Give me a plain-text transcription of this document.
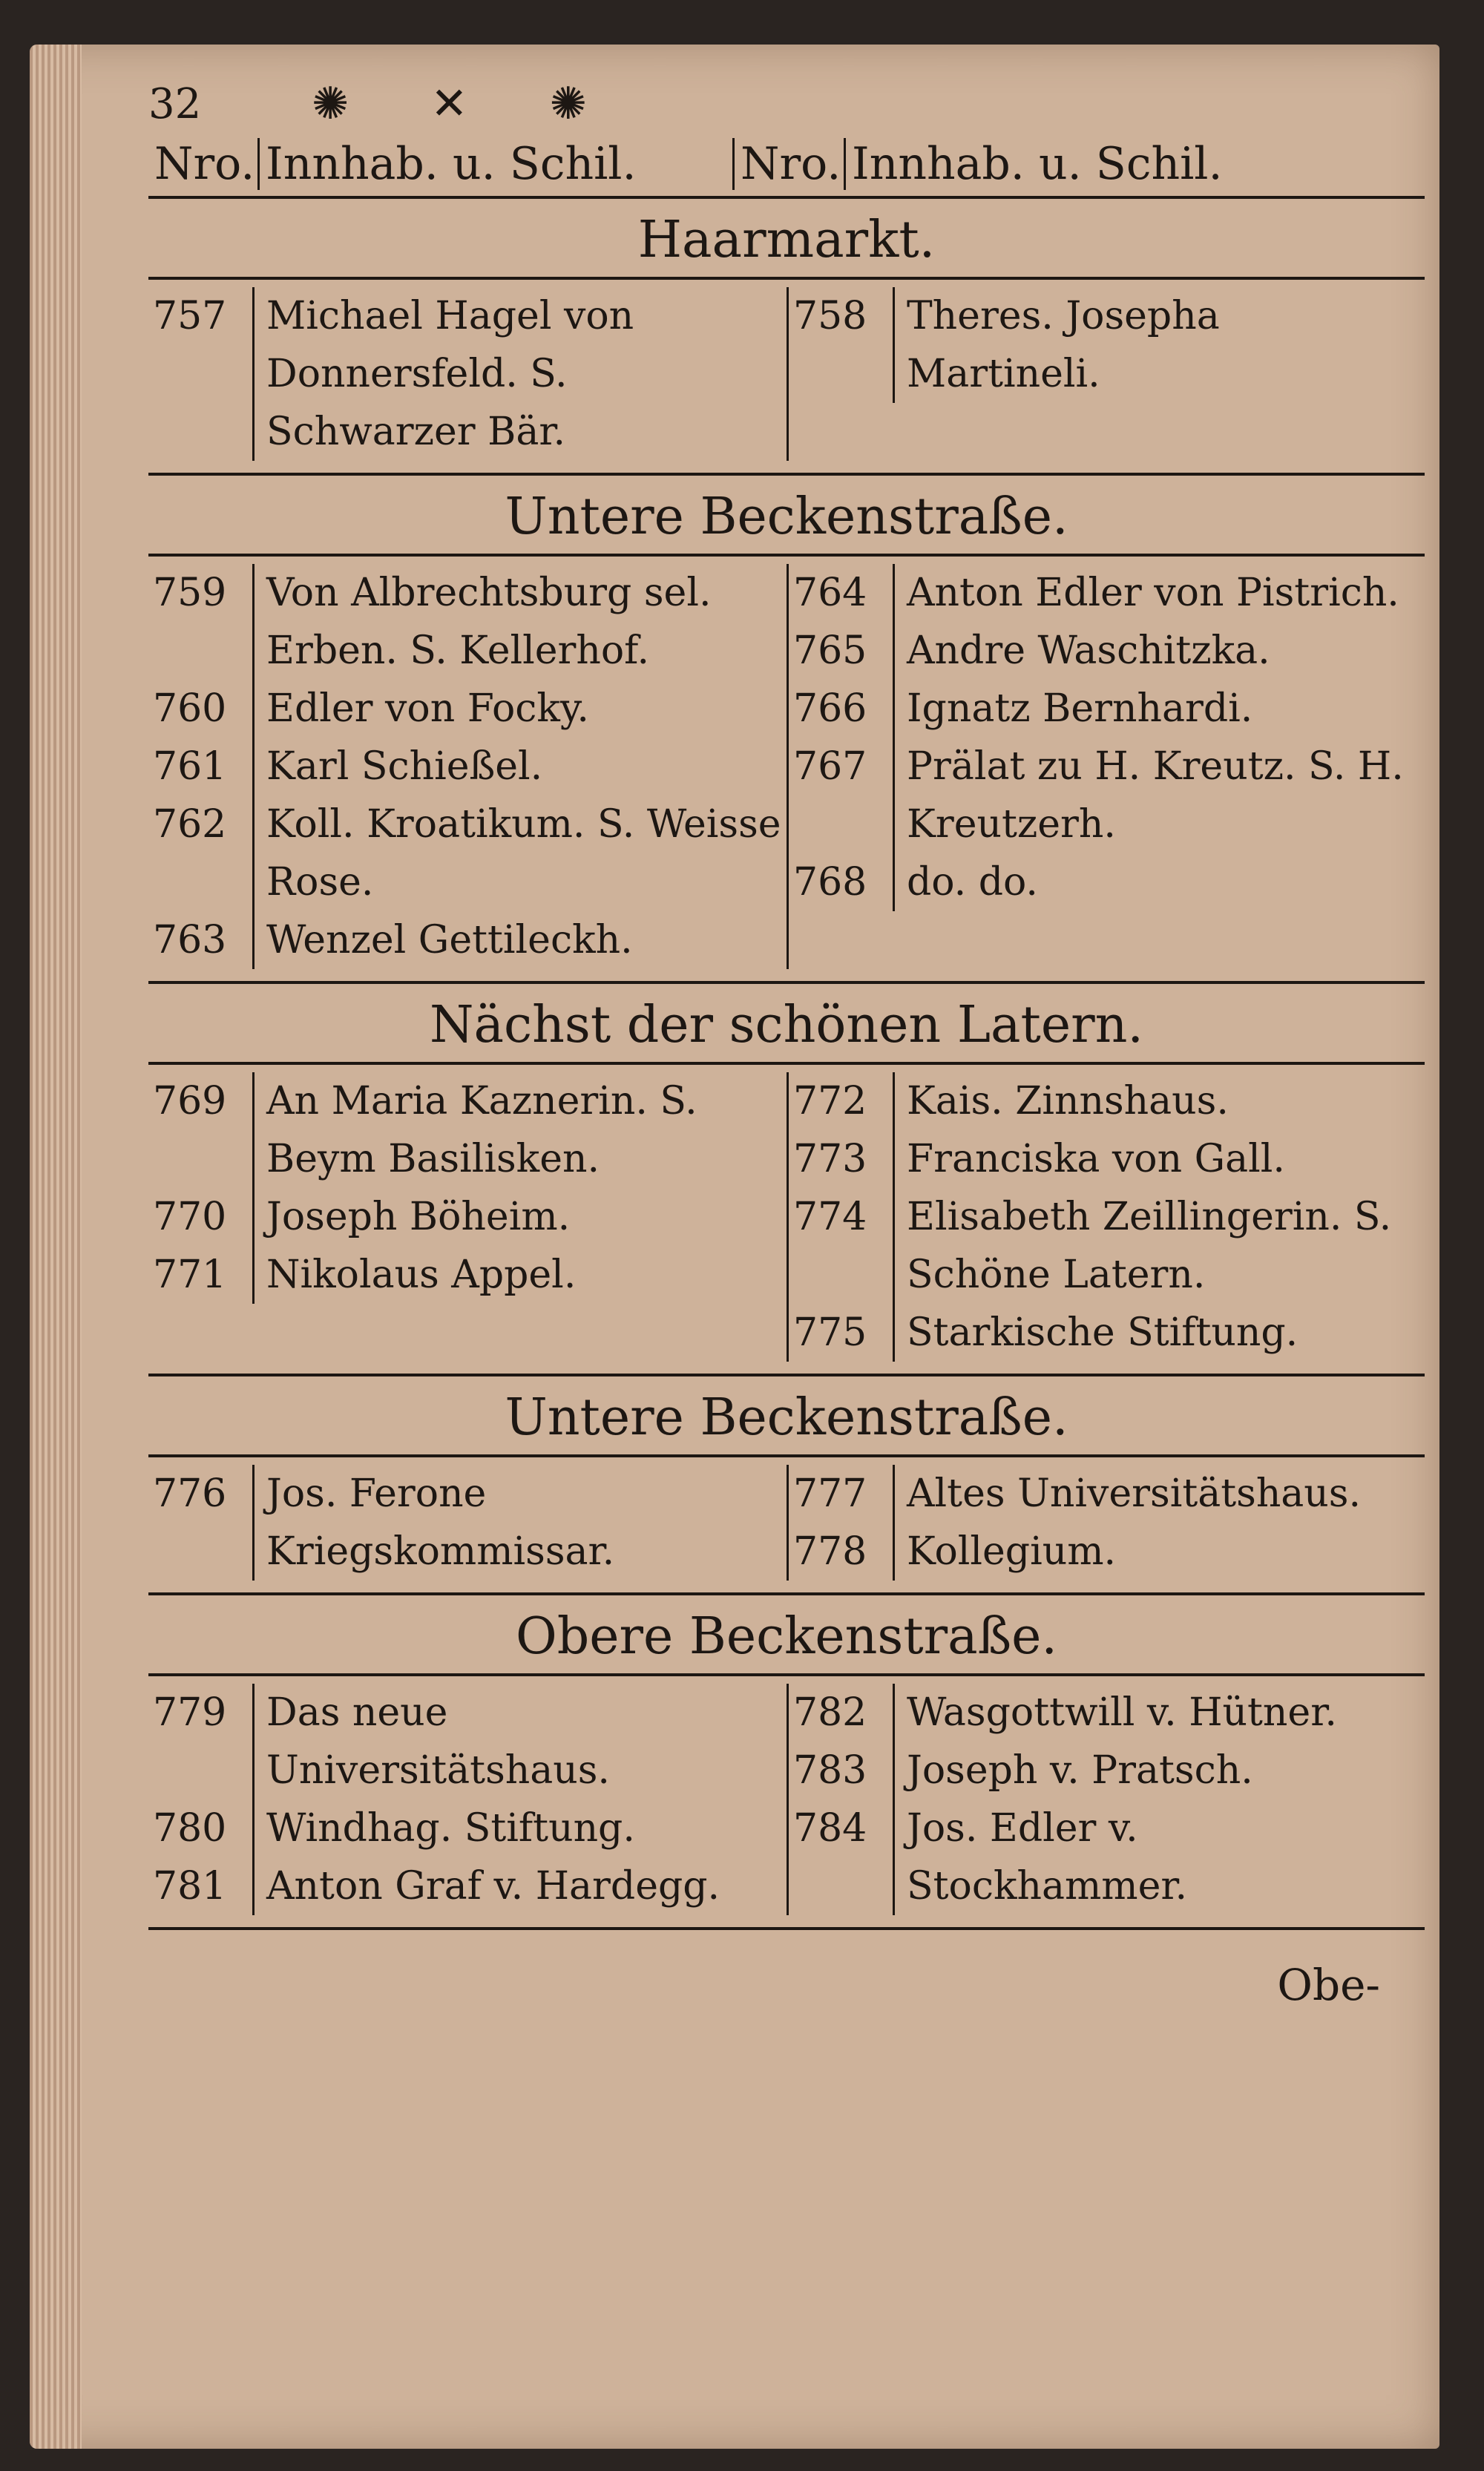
32	✺ ✕ ✺
Nro. Innhab. u. Schil.	Nro. Innhab. u. Schil.
Haarmarkt.
757	Michael Hagel von Donnersfeld. S. Schwarzer Bär.
758	Theres. Josepha Martineli.
Untere Beckenstraße.
759	Von Albrechtsburg sel. Erben. S. Kellerhof.
760	Edler von Focky.
761	Karl Schießel.
762	Koll. Kroatikum. S. Weisse Rose.
763	Wenzel Gettileckh.
764	Anton Edler von Pistrich.
765	Andre Waschitzka.
766	Ignatz Bernhardi.
767	Prälat zu H. Kreutz. S. H. Kreutzerh.
768	do. do.
Nächst der schönen Latern.
769	An Maria Kaznerin. S. Beym Basilisken.
770	Joseph Böheim.
771	Nikolaus Appel.
772	Kais. Zinnshaus.
773	Franciska von Gall.
774	Elisabeth Zeillingerin. S. Schöne Latern.
775	Starkische Stiftung.
Untere Beckenstraße.
776	Jos. Ferone Kriegskommissar.
777	Altes Universitätshaus.
778	Kollegium.
Obere Beckenstraße.
779	Das neue Universitätshaus.
780	Windhag. Stiftung.
781	Anton Graf v. Hardegg.
782	Wasgottwill v. Hütner.
783	Joseph v. Pratsch.
784	Jos. Edler v. Stockhammer.
Obe-
